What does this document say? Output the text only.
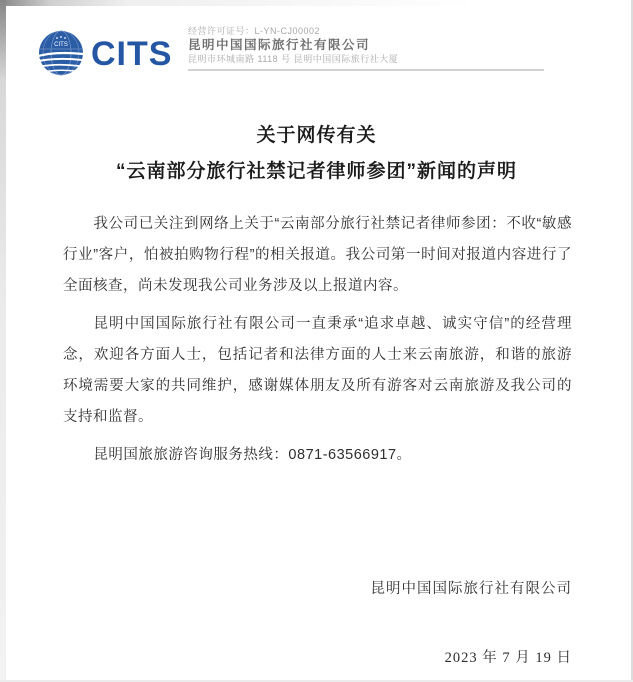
CITS CITS
经营许可证号：L-YN-CJ00002
昆明中国国际旅行社有限公司
昆明市环城南路 1118 号 昆明中国国际旅行社大厦
关于网传有关
“云南部分旅行社禁记者律师参团”新闻的声明

我公司已关注到网络上关于“云南部分旅行社禁记者律师参团：不收“敏感行业”客户，怕被拍购物行程”的相关报道。我公司第一时间对报道内容进行了全面核查，尚未发现我公司业务涉及以上报道内容。

昆明中国国际旅行社有限公司一直秉承“追求卓越、诚实守信”的经营理念，欢迎各方面人士，包括记者和法律方面的人士来云南旅游，和谐的旅游环境需要大家的共同维护，感谢媒体朋友及所有游客对云南旅游及我公司的支持和监督。

昆明国旅旅游咨询服务热线：0871-63566917。

昆明中国国际旅行社有限公司
2023 年 7 月 19 日
